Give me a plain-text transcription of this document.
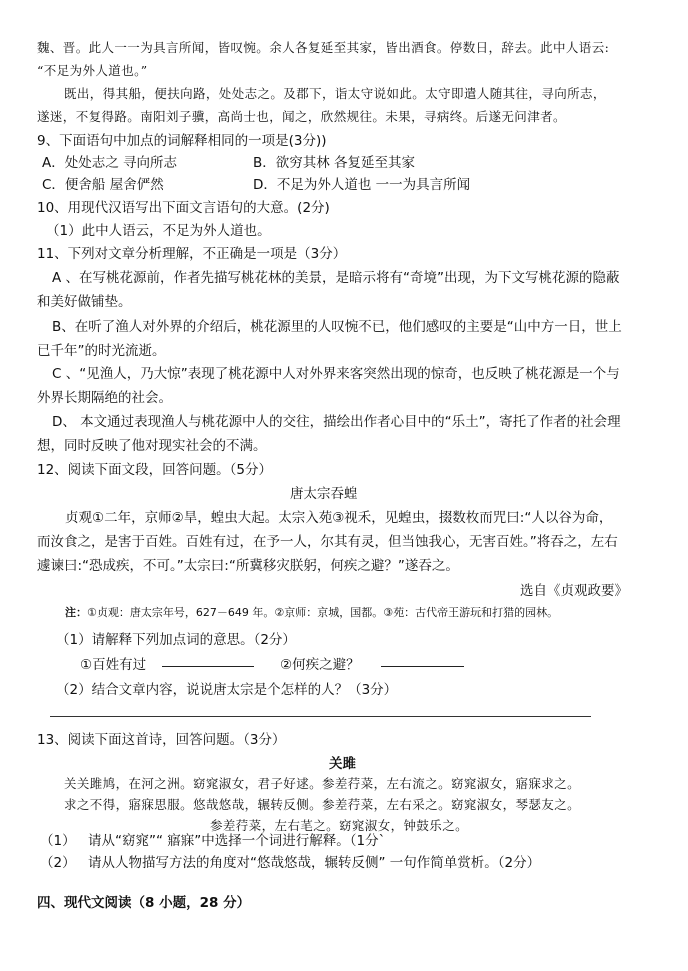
魏、晋。此人一一为具言所闻，皆叹惋。余人各复延至其家，皆出酒食。停数日，辞去。此中人语云:
“不足为外人道也。”
既出，得其船，便扶向路，处处志之。及郡下，诣太守说如此。太守即遣人随其往，寻向所志，
遂迷，不复得路。南阳刘子骥，高尚士也，闻之，欣然规往。未果，寻病终。后遂无问津者。
9、下面语句中加点的词解释相同的一项是(3分))
A．处处志之 寻向所志	B．欲穷其林 各复延至其家
C．便舍船 屋舍俨然	D．不足为外人道也 一一为具言所闻
10、用现代汉语写出下面文言语句的大意。(2分)
（1）此中人语云，不足为外人道也。
11、下列对文章分析理解，不正确是一项是（3分）
A 、在写桃花源前，作者先描写桃花林的美景，是暗示将有“奇境”出现，为下文写桃花源的隐蔽
和美好做铺垫。
B、在听了渔人对外界的介绍后，桃花源里的人叹惋不已，他们感叹的主要是“山中方一日，世上
已千年”的时光流逝。
C 、“见渔人，乃大惊”表现了桃花源中人对外界来客突然出现的惊奇，也反映了桃花源是一个与
外界长期隔绝的社会。
D、 本文通过表现渔人与桃花源中人的交往，描绘出作者心目中的“乐土”，寄托了作者的社会理
想，同时反映了他对现实社会的不满。
12、阅读下面文段，回答问题。（5分）
唐太宗吞蝗
贞观①二年，京师②旱，蝗虫大起。太宗入苑③视禾，见蝗虫，掇数枚而咒曰:“人以谷为命，
而汝食之，是害于百姓。百姓有过，在予一人，尔其有灵，但当蚀我心，无害百姓。”将吞之，左右
遽谏曰:“恐成疾，不可。”太宗曰:“所冀移灾朕躬，何疾之避？”遂吞之。
选自《贞观政要》
注：①贞观：唐太宗年号，627－649 年。②京师：京城，国都。③苑：古代帝王游玩和打猎的园林。
（1）请解释下列加点词的意思。（2分）
①百姓有过	②何疾之避？
（2）结合文章内容，说说唐太宗是个怎样的人？（3分）
13、阅读下面这首诗，回答问题。（3分）
关雎
关关雎鸠，在河之洲。窈窕淑女，君子好逑。参差荇菜，左右流之。窈窕淑女，寤寐求之。
求之不得，寤寐思服。悠哉悠哉，辗转反侧。参差荇菜，左右采之。窈窕淑女，琴瑟友之。
参差荇菜，左右芼之。窈窕淑女，钟鼓乐之。
（1） 请从“窈窕”“ 寤寐”中选择一个词进行解释。（1分`
（2） 请从人物描写方法的角度对“悠哉悠哉，辗转反侧” 一句作简单赏析。（2分）
四、现代文阅读（8 小题，28 分）
